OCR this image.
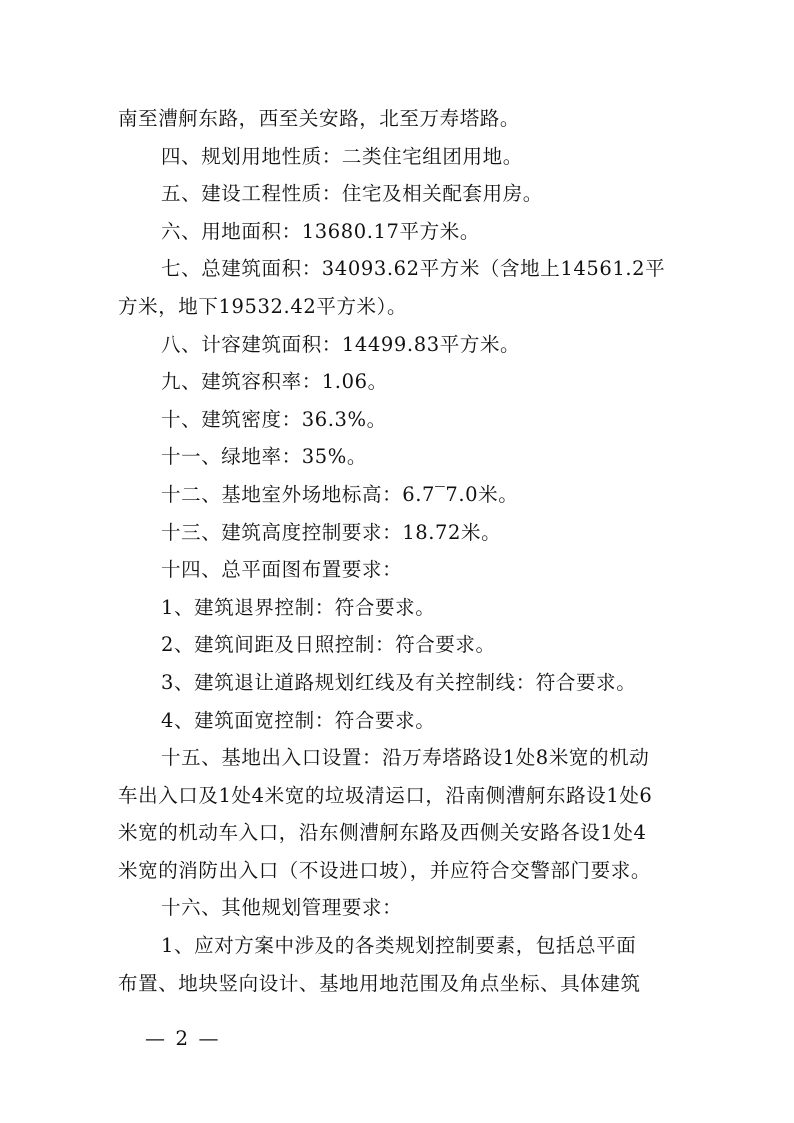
南至漕舸东路，西至关安路，北至万寿塔路。
四、规划用地性质：二类住宅组团用地。
五、建设工程性质：住宅及相关配套用房。
六、用地面积：13680.17平方米。
七、总建筑面积：34093.62平方米（含地上14561.2平
方米，地下19532.42平方米）。
八、计容建筑面积：14499.83平方米。
九、建筑容积率：1.06。
十、建筑密度：36.3%。
十一、绿地率：35%。
十二、基地室外场地标高：6.7‾7.0米。
十三、建筑高度控制要求：18.72米。
十四、总平面图布置要求：
1、建筑退界控制：符合要求。
2、建筑间距及日照控制：符合要求。
3、建筑退让道路规划红线及有关控制线：符合要求。
4、建筑面宽控制：符合要求。
十五、基地出入口设置：沿万寿塔路设1处8米宽的机动
车出入口及1处4米宽的垃圾清运口，沿南侧漕舸东路设1处6
米宽的机动车入口，沿东侧漕舸东路及西侧关安路各设1处4
米宽的消防出入口（不设进口坡），并应符合交警部门要求。
十六、其他规划管理要求：
1、应对方案中涉及的各类规划控制要素，包括总平面
布置、地块竖向设计、基地用地范围及角点坐标、具体建筑
— 2 —
